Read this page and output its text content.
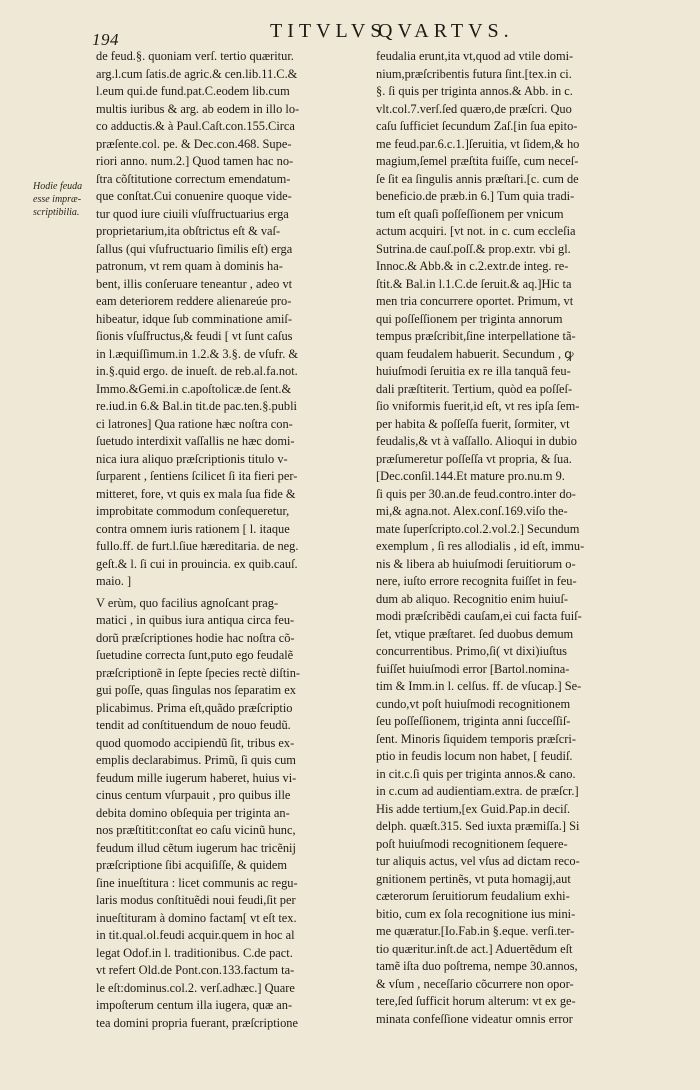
194	TITVLVS
QVARTVS.
Hodie feuda
esse impræ-
scriptibilia.
de feud.§. quoniam verſ. tertio quæritur.
arg.l.cum ſatis.de agric.& cen.lib.11.C.&
l.eum qui.de fund.pat.C.eodem lib.cum
multis iuribus & arg. ab eodem in illo lo-
co adductis.& à Paul.Caſt.con.155.Circa
præſente.col. pe. & Dec.con.468. Supe-
riori anno. num.2.] Quod tamen hac no-
ſtra cõſtitutione correctum emendatum-
que conſtat.Cui conuenire quoque vide-
tur quod iure ciuili vſuſfructuarius erga
proprietarium,ita obſtrictus eſt & vaſ-
ſallus (qui vſufructuario ſimilis eſt) erga
patronum, vt rem quam à dominis ha-
bent, illis conſeruare teneantur , adeo vt
eam deteriorem reddere alienareúe pro-
hibeatur, idque ſub comminatione amiſ-
ſionis vſuſfructus,& feudi [ vt ſunt caſus
in l.æquiſſimum.in 1.2.& 3.§. de vſufr. &
in.§.quid ergo. de inueſt. de reb.al.fa.not.
Immo.&Gemi.in c.apoſtolicæ.de ſent.&
re.iud.in 6.& Bal.in tit.de pac.ten.§.publi
ci latrones] Qua ratione hæc noſtra con-
ſuetudo interdixit vaſſallis ne hæc domi-
nica iura aliquo præſcriptionis titulo v-
ſurparent , ſentiens ſcilicet ſi ita fieri per-
mitteret, fore, vt quis ex mala ſua fide &
improbitate commodum conſequeretur,
contra omnem iuris rationem [ l. itaque
fullo.ff. de furt.l.ſiue hæreditaria. de neg.
geſt.& l. ſi cui in prouincia. ex quib.cauſ.
maio. ]
V erùm, quo facilius agnoſcant prag-
matici , in quibus iura antiqua circa feu-
dorũ præſcriptiones hodie hac noſtra cõ-
ſuetudine correcta ſunt,puto ego feudalẽ
præſcriptionẽ in ſepte ſpecies rectè diſtin-
gui poſſe, quas ſingulas nos ſeparatim ex
plicabimus. Prima eſt,quãdo præſcriptio
tendit ad conſtituendum de nouo feudũ.
quod quomodo accipiendũ ſit, tribus ex-
emplis declarabimus. Primũ, ſi quis cum
feudum mille iugerum haberet, huius vi-
cinus centum vſurpauit , pro quibus ille
debita domino obſequia per triginta an-
nos præſtitit:conſtat eo caſu vicinũ hunc,
feudum illud cẽtum iugerum hac tricẽnij
præſcriptione ſibi acquiſiſſe, & quidem
ſine inueſtitura : licet communis ac regu-
laris modus conſtituẽdi noui feudi,ſit per
inueſtituram à domino factam[ vt eſt tex.
in tit.qual.ol.feudi acquir.quem in hoc al
legat Odof.in l. traditionibus. C.de pact.
vt refert Old.de Pont.con.133.factum ta-
le eſt:dominus.col.2. verſ.adhæc.] Quare
impoſterum centum illa iugera, quæ an-
tea domini propria fuerant, præſcriptione
feudalia erunt,ita vt,quod ad vtile domi-
nium,præſcribentis futura ſint.[tex.in ci.
§. ſi quis per triginta annos.& Abb. in c.
vlt.col.7.verſ.ſed quæro,de præſcri. Quo
caſu ſufficiet ſecundum Zaſ.[in ſua epito-
me feud.par.6.c.1.]ſeruitia, vt ſidem,& ho
magium,ſemel præſtita fuiſſe, cum neceſ-
ſe ſit ea ſingulis annis præſtari.[c. cum de
beneficio.de præb.in 6.] Tum quia tradi-
tum eſt quaſi poſſeſſionem per vnicum
actum acquiri. [vt not. in c. cum eccleſia
Sutrina.de cauſ.poſſ.& prop.extr. vbi gl.
Innoc.& Abb.& in c.2.extr.de integ. re-
ſtit.& Bal.in l.1.C.de ſeruit.& aq.]Hic ta
men tria concurrere oportet. Primum, vt
qui poſſeſſionem per triginta annorum
tempus præſcribit,ſine interpellatione tã-
quam feudalem habuerit. Secundum , ꝙ
huiuſmodi ſeruitia ex re illa tanquã feu-
dali præſtiterit. Tertium, quòd ea poſſeſ-
ſio vniformis fuerit,id eſt, vt res ipſa ſem-
per habita & poſſeſſa fuerit, ſormiter, vt
feudalis,& vt à vaſſallo. Alioqui in dubio
præſumeretur poſſeſſa vt propria, & ſua.
[Dec.conſil.144.Et mature pro.nu.m 9.
ſi quis per 30.an.de feud.contro.inter do-
mi,& agna.not. Alex.conſ.169.viſo the-
mate ſuperſcripto.col.2.vol.2.] Secundum
exemplum , ſi res allodialis , id eſt, immu-
nis & libera ab huiuſmodi ſeruitiorum o-
nere, iuſto errore recognita fuiſſet in feu-
dum ab aliquo. Recognitio enim huiuſ-
modi præſcribẽdi cauſam,ei cui facta fuiſ-
ſet, vtique præſtaret. ſed duobus demum
concurrentibus. Primo,ſi( vt dixi)iuſtus
fuiſſet huiuſmodi error [Bartol.nomina-
tim & Imm.in l. celſus. ff. de vſucap.] Se-
cundo,vt poſt huiuſmodi recognitionem
ſeu poſſeſſionem, triginta anni ſucceſſiſ-
ſent. Minoris ſiquidem temporis præſcri-
ptio in feudis locum non habet, [ feudiſ.
in cit.c.ſi quis per triginta annos.& cano.
in c.cum ad audientiam.extra. de præſcr.]
His adde tertium,[ex Guid.Pap.in deciſ.
delph. quæſt.315. Sed iuxta præmiſſa.] Si
poſt huiuſmodi recognitionem ſequere-
tur aliquis actus, vel vſus ad dictam reco-
gnitionem pertinẽs, vt puta homagij,aut
cæterorum ſeruitiorum feudalium exhi-
bitio, cum ex ſola recognitione ius mini-
me quæratur.[Io.Fab.in §.eque. verſi.ter-
tio quæritur.inſt.de act.] Aduertẽdum eſt
tamẽ iſta duo poſtrema, nempe 30.annos,
& vſum , neceſſario cõcurrere non opor-
tere,ſed ſufficit horum alterum: vt ex ge-
minata confeſſione videatur omnis error
